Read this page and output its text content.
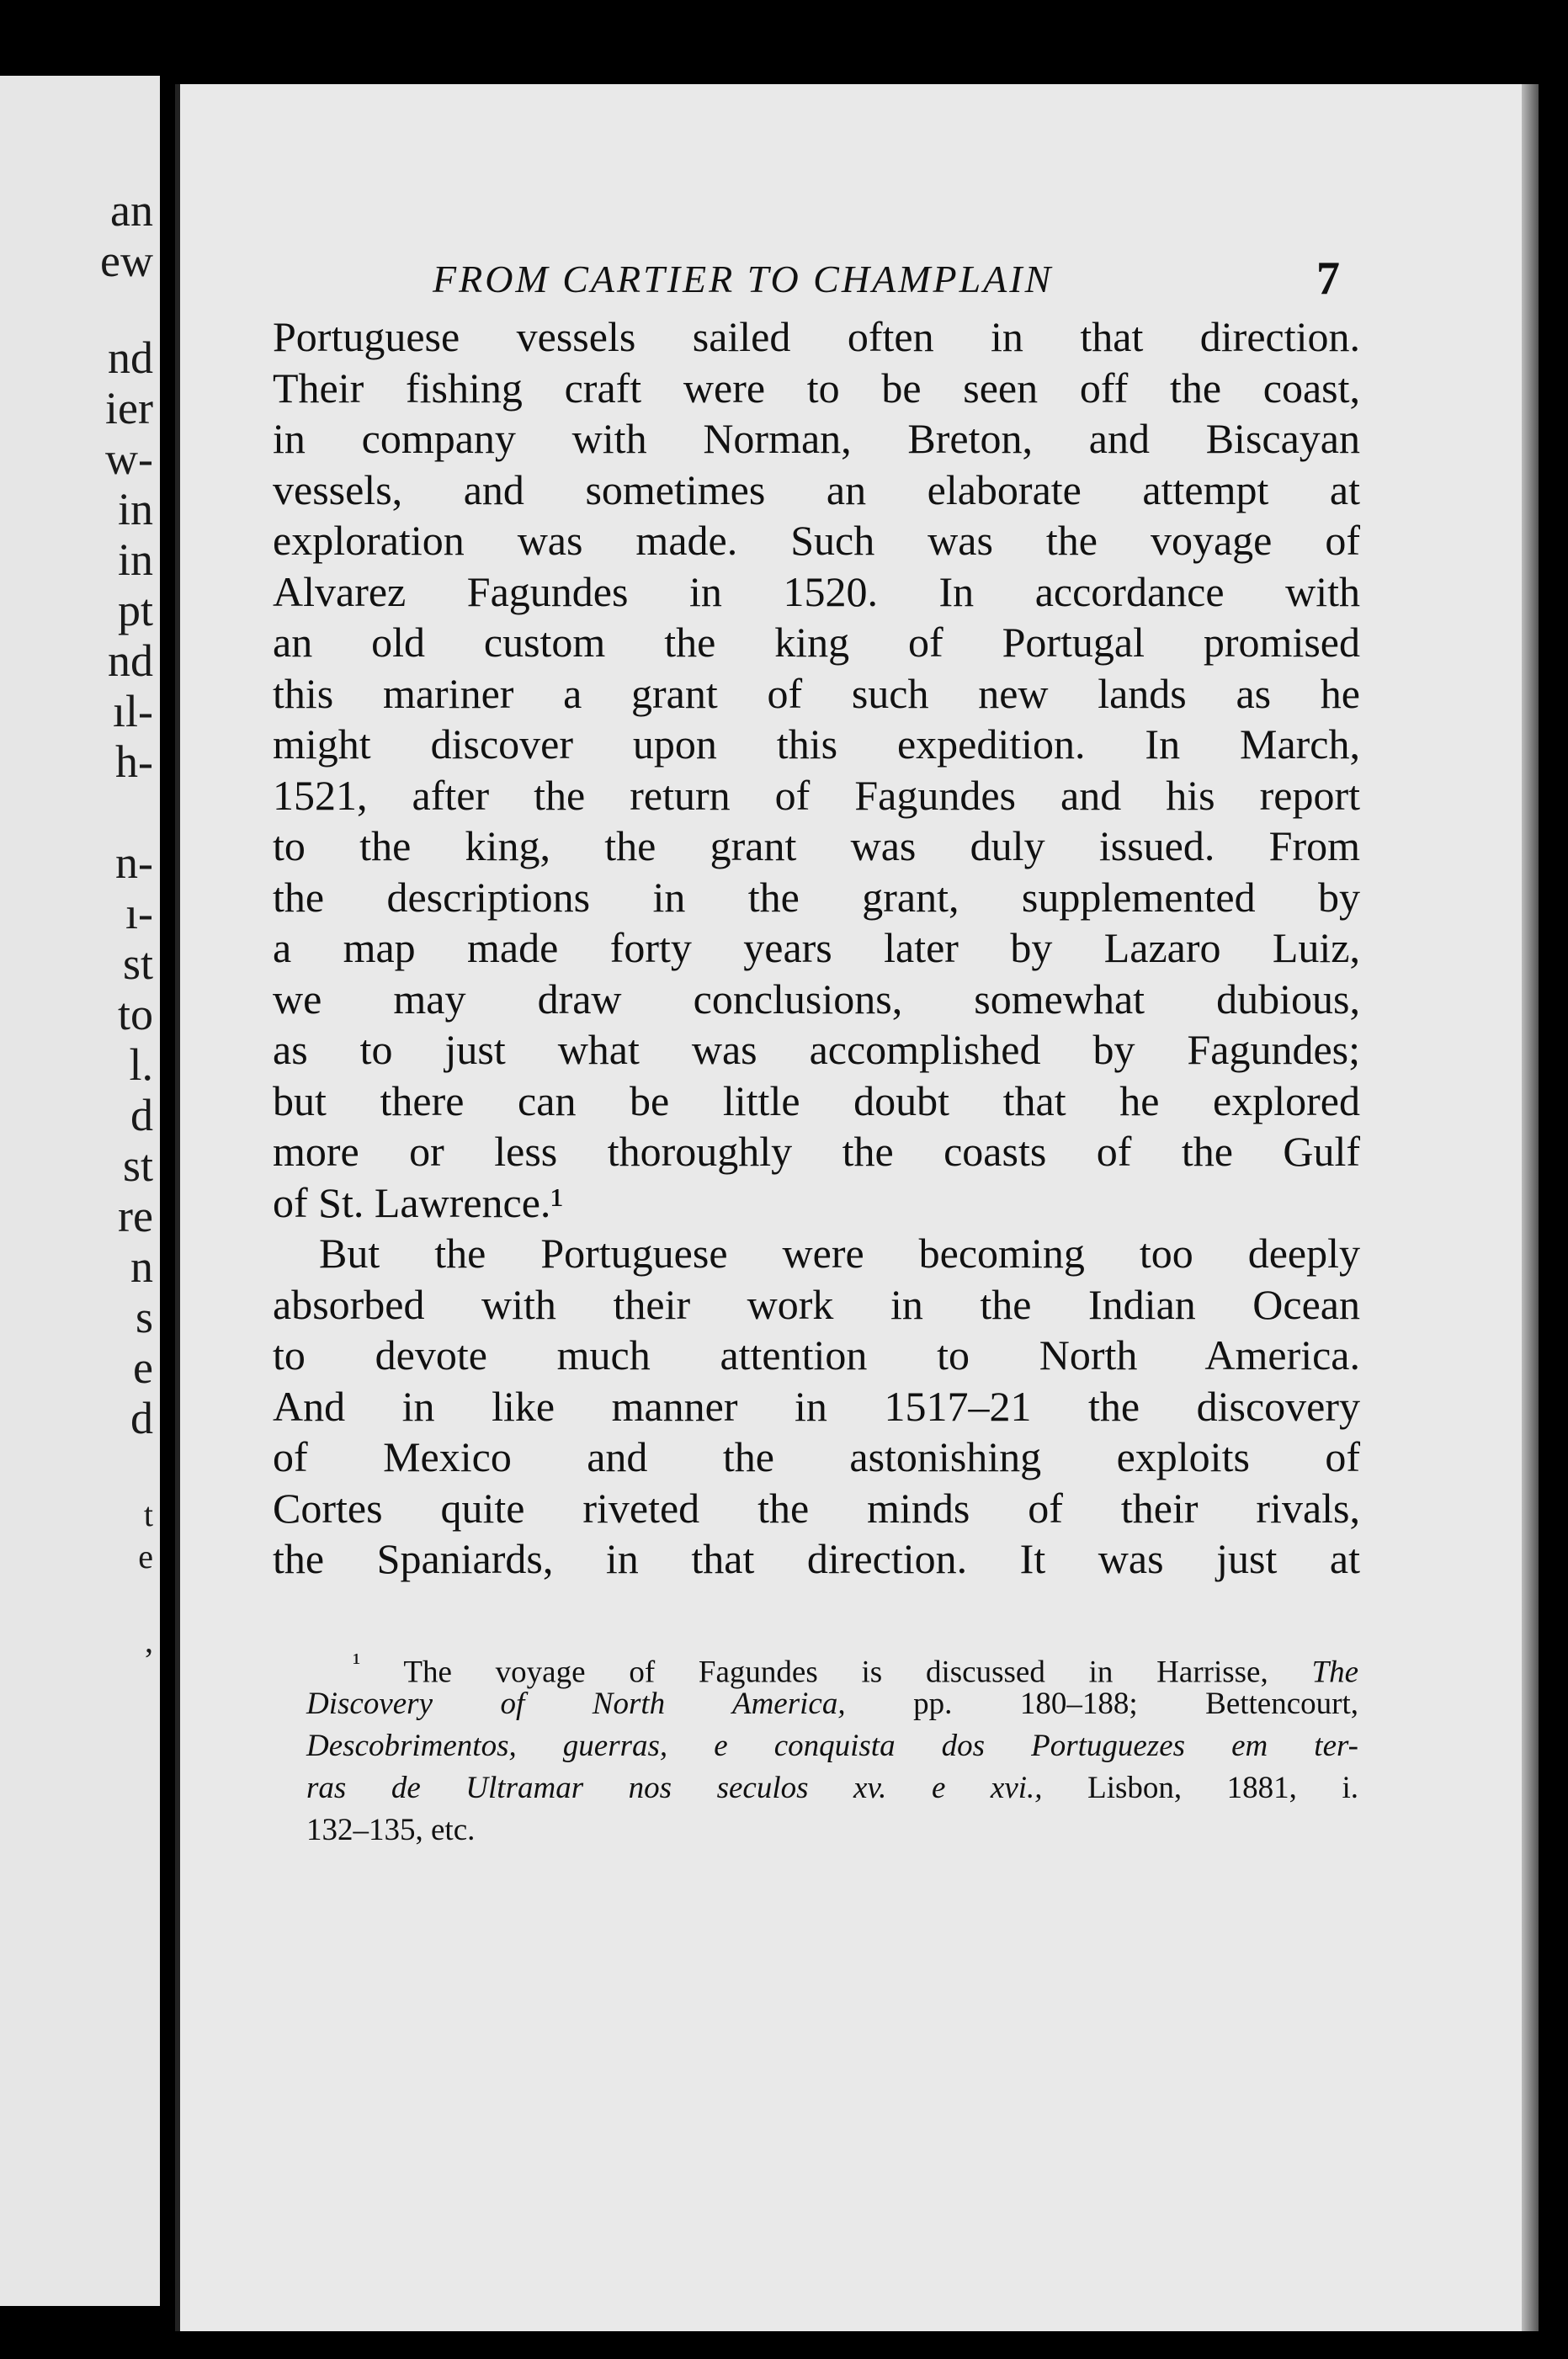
an
ew
nd
ier
w-
in
in
pt
nd
ıl-
h-
n-
ı-
st
to
l.
d
st
re
n
s
e
d
t
e
,
FROM CARTIER TO CHAMPLAIN	7
Portuguese vessels sailed often in that direction.
Their fishing craft were to be seen off the coast,
in company with Norman, Breton, and Biscayan
vessels, and sometimes an elaborate attempt at
exploration was made. Such was the voyage of
Alvarez Fagundes in 1520. In accordance with
an old custom the king of Portugal promised
this mariner a grant of such new lands as he
might discover upon this expedition. In March,
1521, after the return of Fagundes and his report
to the king, the grant was duly issued. From
the descriptions in the grant, supplemented by
a map made forty years later by Lazaro Luiz,
we may draw conclusions, somewhat dubious,
as to just what was accomplished by Fagundes;
but there can be little doubt that he explored
more or less thoroughly the coasts of the Gulf
of St. Lawrence.¹
But the Portuguese were becoming too deeply
absorbed with their work in the Indian Ocean
to devote much attention to North America.
And in like manner in 1517–21 the discovery
of Mexico and the astonishing exploits of
Cortes quite riveted the minds of their rivals,
the Spaniards, in that direction. It was just at
$^{^1}$ The voyage of Fagundes is discussed in Harrisse, The
Discovery of North America, pp. 180–188; Bettencourt,
Descobrimentos, guerras, e conquista dos Portuguezes em ter-
ras de Ultramar nos seculos xv. e xvi., Lisbon, 1881, i.
132–135, etc.
